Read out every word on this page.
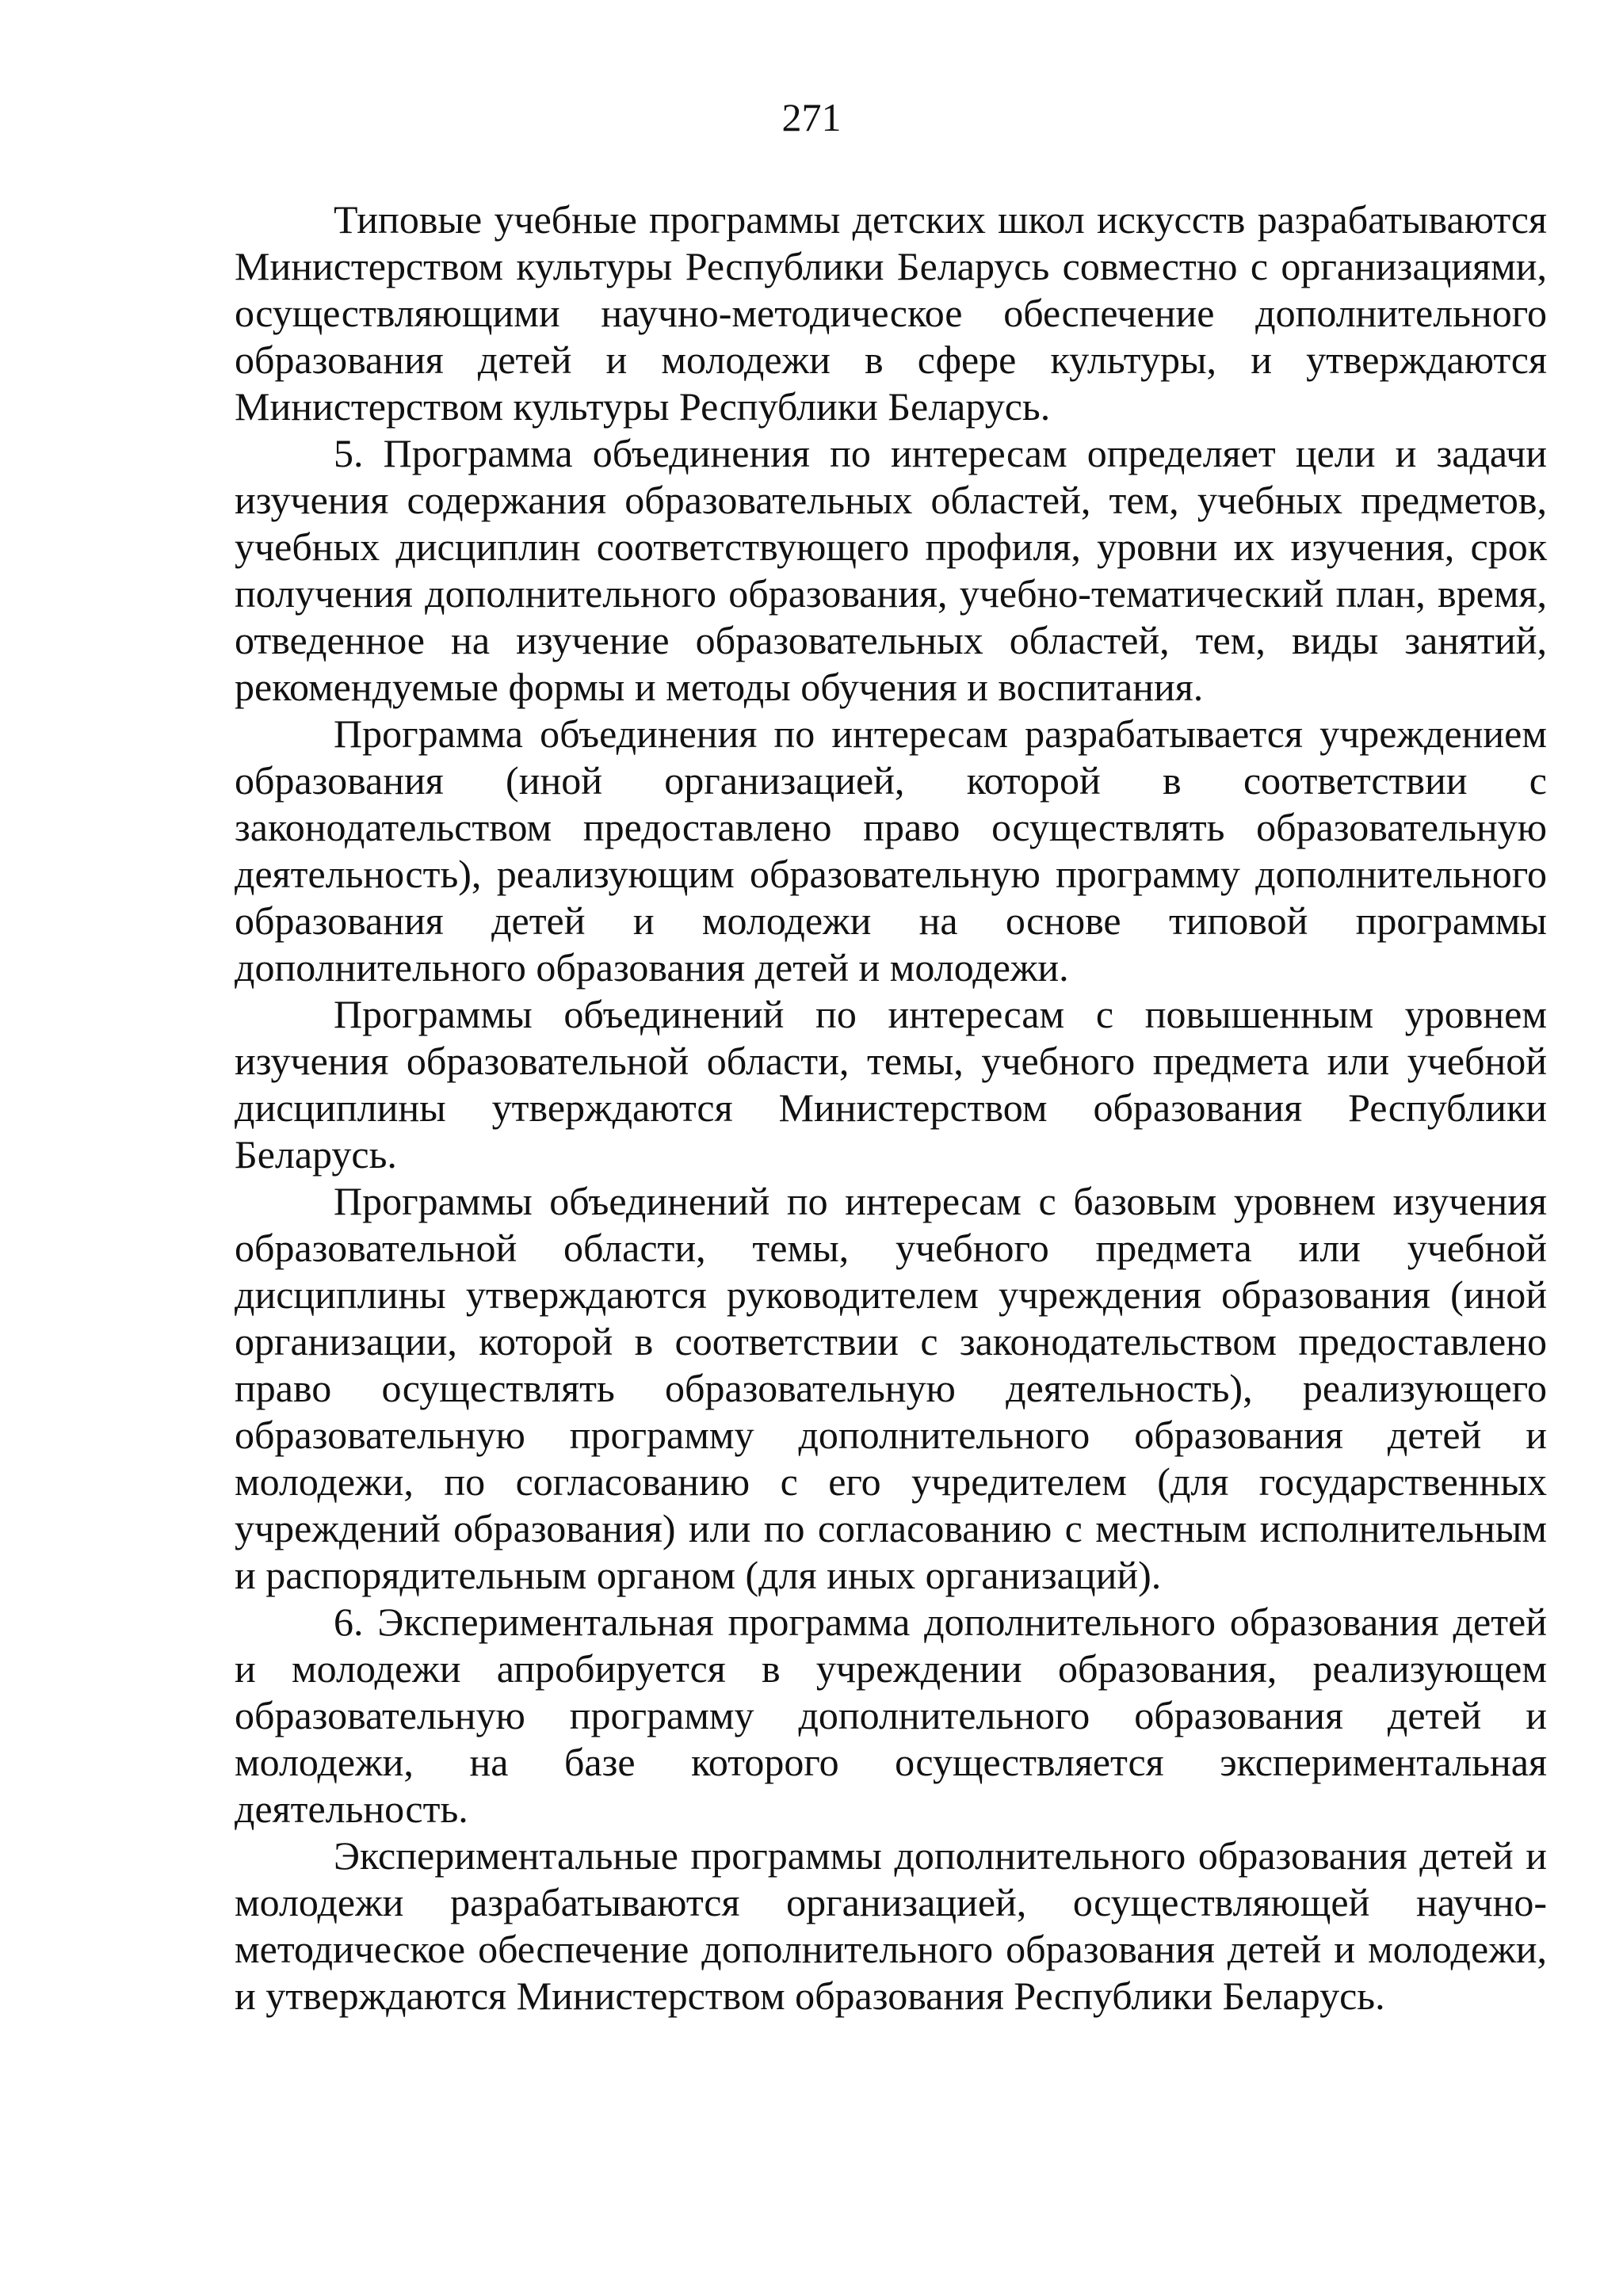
271

Типовые учебные программы детских школ искусств разрабатываются Министерством культуры Республики Беларусь совместно с организациями, осуществляющими научно-методическое обеспечение дополнительного образования детей и молодежи в сфере культуры, и утверждаются Министерством культуры Республики Беларусь.

5. Программа объединения по интересам определяет цели и задачи изучения содержания образовательных областей, тем, учебных предметов, учебных дисциплин соответствующего профиля, уровни их изучения, срок получения дополнительного образования, учебно-тематический план, время, отведенное на изучение образовательных областей, тем, виды занятий, рекомендуемые формы и методы обучения и воспитания.

Программа объединения по интересам разрабатывается учреждением образования (иной организацией, которой в соответствии с законодательством предоставлено право осуществлять образовательную деятельность), реализующим образовательную программу дополнительного образования детей и молодежи на основе типовой программы дополнительного образования детей и молодежи.

Программы объединений по интересам с повышенным уровнем изучения образовательной области, темы, учебного предмета или учебной дисциплины утверждаются Министерством образования Республики Беларусь.

Программы объединений по интересам с базовым уровнем изучения образовательной области, темы, учебного предмета или учебной дисциплины утверждаются руководителем учреждения образования (иной организации, которой в соответствии с законодательством предоставлено право осуществлять образовательную деятельность), реализующего образовательную программу дополнительного образования детей и молодежи, по согласованию с его учредителем (для государственных учреждений образования) или по согласованию с местным исполнительным и распорядительным органом (для иных организаций).

6. Экспериментальная программа дополнительного образования детей и молодежи апробируется в учреждении образования, реализующем образовательную программу дополнительного образования детей и молодежи, на базе которого осуществляется экспериментальная деятельность.

Экспериментальные программы дополнительного образования детей и молодежи разрабатываются организацией, осуществляющей научно-методическое обеспечение дополнительного образования детей и молодежи, и утверждаются Министерством образования Республики Беларусь.
